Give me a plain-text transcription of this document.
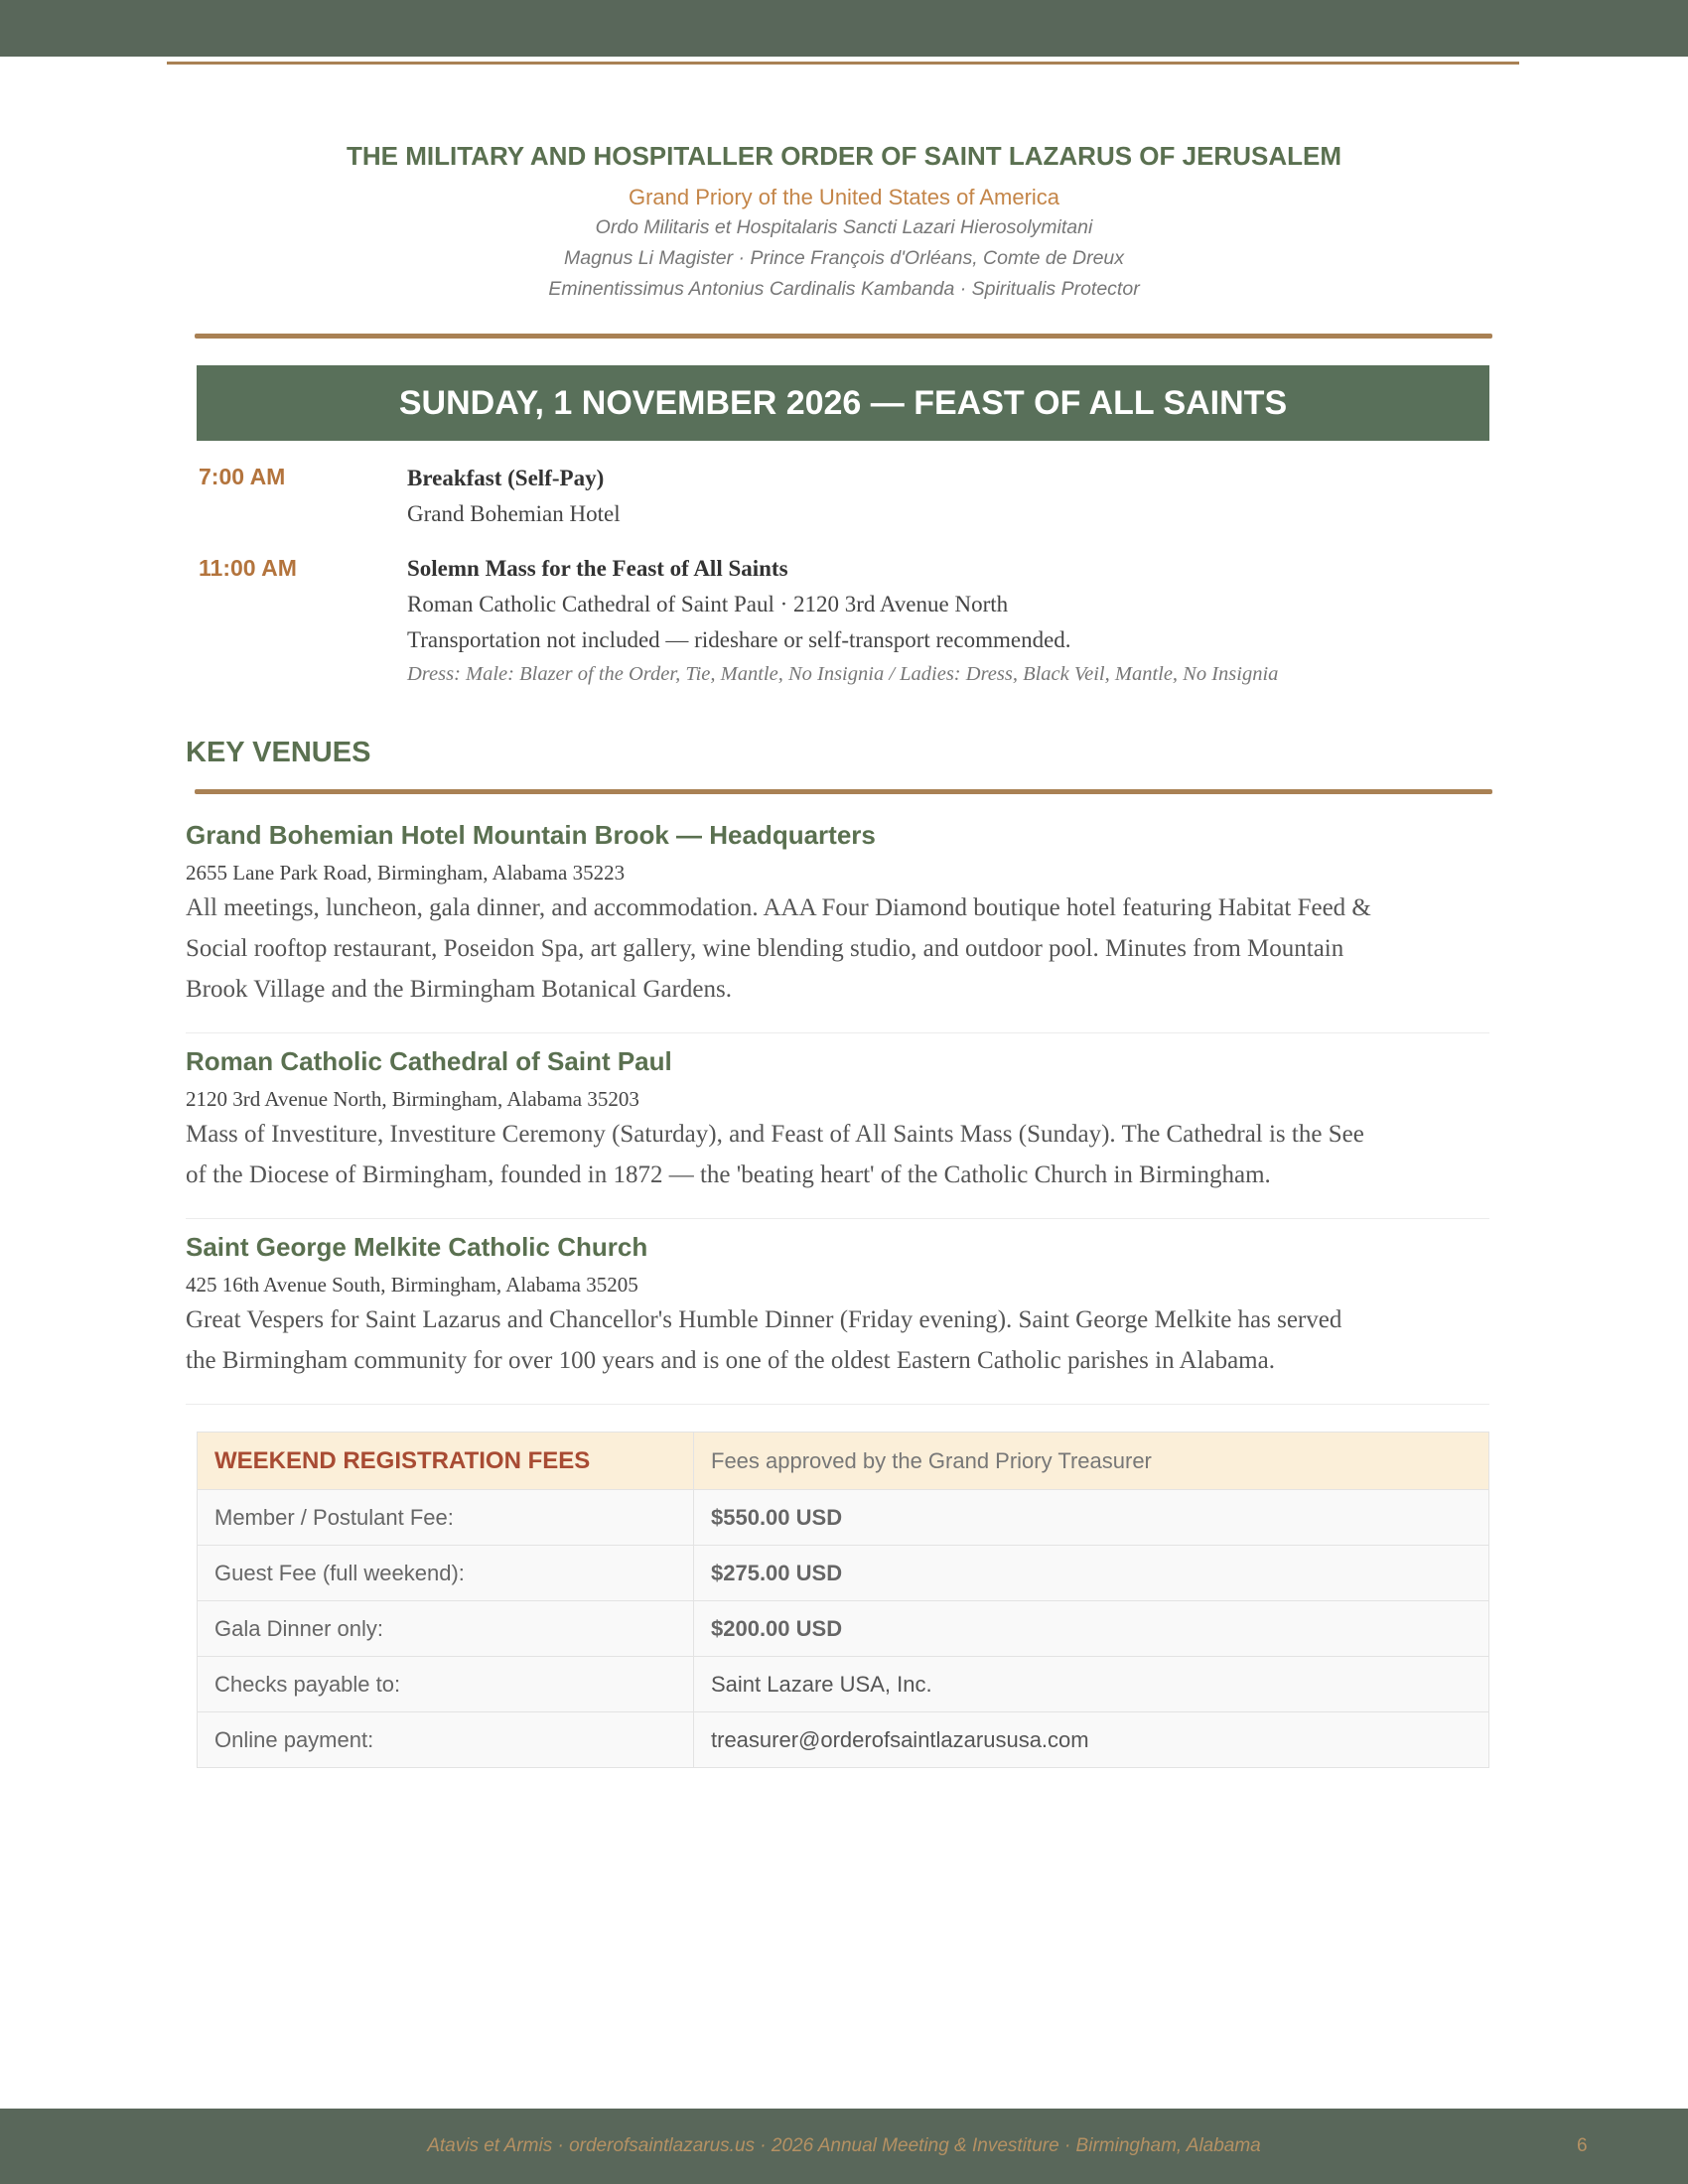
THE MILITARY AND HOSPITALLER ORDER OF SAINT LAZARUS OF JERUSALEM
Grand Priory of the United States of America
Ordo Militaris et Hospitalaris Sancti Lazari Hierosolymitani
Magnus Li Magister · Prince François d'Orléans, Comte de Dreux
Eminentissimus Antonius Cardinalis Kambanda · Spiritualis Protector
SUNDAY, 1 NOVEMBER 2026 — FEAST OF ALL SAINTS
7:00 AM	Breakfast (Self-Pay)
Grand Bohemian Hotel
11:00 AM	Solemn Mass for the Feast of All Saints
Roman Catholic Cathedral of Saint Paul · 2120 3rd Avenue North
Transportation not included — rideshare or self-transport recommended.
Dress: Male: Blazer of the Order, Tie, Mantle, No Insignia / Ladies: Dress, Black Veil, Mantle, No Insignia
KEY VENUES
Grand Bohemian Hotel Mountain Brook — Headquarters
2655 Lane Park Road, Birmingham, Alabama 35223
All meetings, luncheon, gala dinner, and accommodation. AAA Four Diamond boutique hotel featuring Habitat Feed &
Social rooftop restaurant, Poseidon Spa, art gallery, wine blending studio, and outdoor pool. Minutes from Mountain
Brook Village and the Birmingham Botanical Gardens.
Roman Catholic Cathedral of Saint Paul
2120 3rd Avenue North, Birmingham, Alabama 35203
Mass of Investiture, Investiture Ceremony (Saturday), and Feast of All Saints Mass (Sunday). The Cathedral is the See
of the Diocese of Birmingham, founded in 1872 — the 'beating heart' of the Catholic Church in Birmingham.
Saint George Melkite Catholic Church
425 16th Avenue South, Birmingham, Alabama 35205
Great Vespers for Saint Lazarus and Chancellor's Humble Dinner (Friday evening). Saint George Melkite has served
the Birmingham community for over 100 years and is one of the oldest Eastern Catholic parishes in Alabama.
WEEKEND REGISTRATION FEES	Fees approved by the Grand Priory Treasurer
Member / Postulant Fee:	$550.00 USD
Guest Fee (full weekend):	$275.00 USD
Gala Dinner only:	$200.00 USD
Checks payable to:	Saint Lazare USA, Inc.
Online payment:	treasurer@orderofsaintlazarususa.com
Atavis et Armis · orderofsaintlazarus.us · 2026 Annual Meeting & Investiture · Birmingham, Alabama	6
